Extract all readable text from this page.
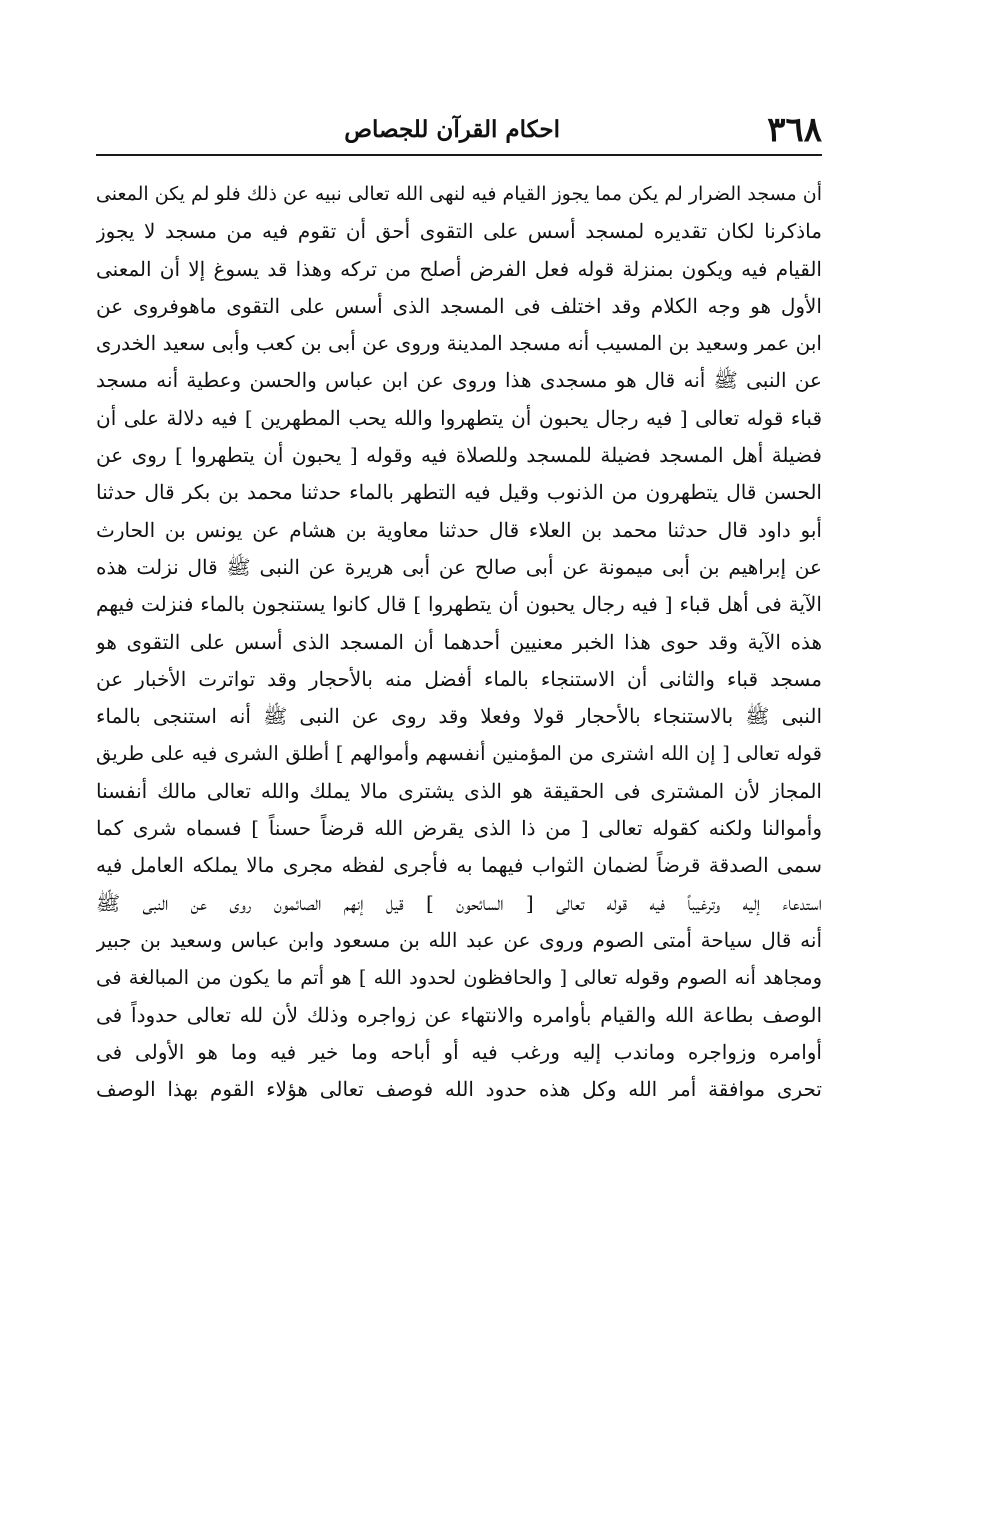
٣٦٨
احكام القرآن للجصاص
أن مسجد الضرار لم يكن مما يجوز القيام فيه لنهى الله تعالى نبيه عن ذلك فلو لم يكن المعنى
ماذكرنا لكان تقديره لمسجد أسس على التقوى أحق أن تقوم فيه من مسجد لا يجوز
القيام فيه ويكون بمنزلة قوله فعل الفرض أصلح من تركه وهذا قد يسوغ إلا أن المعنى
الأول هو وجه الكلام وقد اختلف فى المسجد الذى أسس على التقوى ماهوفروى عن
ابن عمر وسعيد بن المسيب أنه مسجد المدينة وروى عن أبى بن كعب وأبى سعيد الخدرى
عن النبى ﷺ أنه قال هو مسجدى هذا وروى عن ابن عباس والحسن وعطية أنه مسجد
قباء قوله تعالى [ فيه رجال يحبون أن يتطهروا والله يحب المطهرين ] فيه دلالة على أن
فضيلة أهل المسجد فضيلة للمسجد وللصلاة فيه وقوله [ يحبون أن يتطهروا ] روى عن
الحسن قال يتطهرون من الذنوب وقيل فيه التطهر بالماء حدثنا محمد بن بكر قال حدثنا
أبو داود قال حدثنا محمد بن العلاء قال حدثنا معاوية بن هشام عن يونس بن الحارث
عن إبراهيم بن أبى ميمونة عن أبى صالح عن أبى هريرة عن النبى ﷺ قال نزلت هذه
الآية فى أهل قباء [ فيه رجال يحبون أن يتطهروا ] قال كانوا يستنجون بالماء فنزلت فيهم
هذه الآية وقد حوى هذا الخبر معنيين أحدهما أن المسجد الذى أسس على التقوى هو
مسجد قباء والثانى أن الاستنجاء بالماء أفضل منه بالأحجار وقد تواترت الأخبار عن
النبى ﷺ بالاستنجاء بالأحجار قولا وفعلا وقد روى عن النبى ﷺ أنه استنجى بالماء
قوله تعالى [ إن الله اشترى من المؤمنين أنفسهم وأموالهم ] أطلق الشرى فيه على طريق
المجاز لأن المشترى فى الحقيقة هو الذى يشترى مالا يملك والله تعالى مالك أنفسنا
وأموالنا ولكنه كقوله تعالى [ من ذا الذى يقرض الله قرضاً حسناً ] فسماه شرى كما
سمى الصدقة قرضاً لضمان الثواب فيهما به فأجرى لفظه مجرى مالا يملكه العامل فيه
استدعاء إليه وترغيباً فيه قوله تعالى [ السائحون ] قيل إنهم الصائمون روى عن النبى ﷺ
أنه قال سياحة أمتى الصوم وروى عن عبد الله بن مسعود وابن عباس وسعيد بن جبير
ومجاهد أنه الصوم وقوله تعالى [ والحافظون لحدود الله ] هو أتم ما يكون من المبالغة فى
الوصف بطاعة الله والقيام بأوامره والانتهاء عن زواجره وذلك لأن لله تعالى حدوداً فى
أوامره وزواجره وماندب إليه ورغب فيه أو أباحه وما خير فيه وما هو الأولى فى
تحرى موافقة أمر الله وكل هذه حدود الله فوصف تعالى هؤلاء القوم بهذا الوصف
